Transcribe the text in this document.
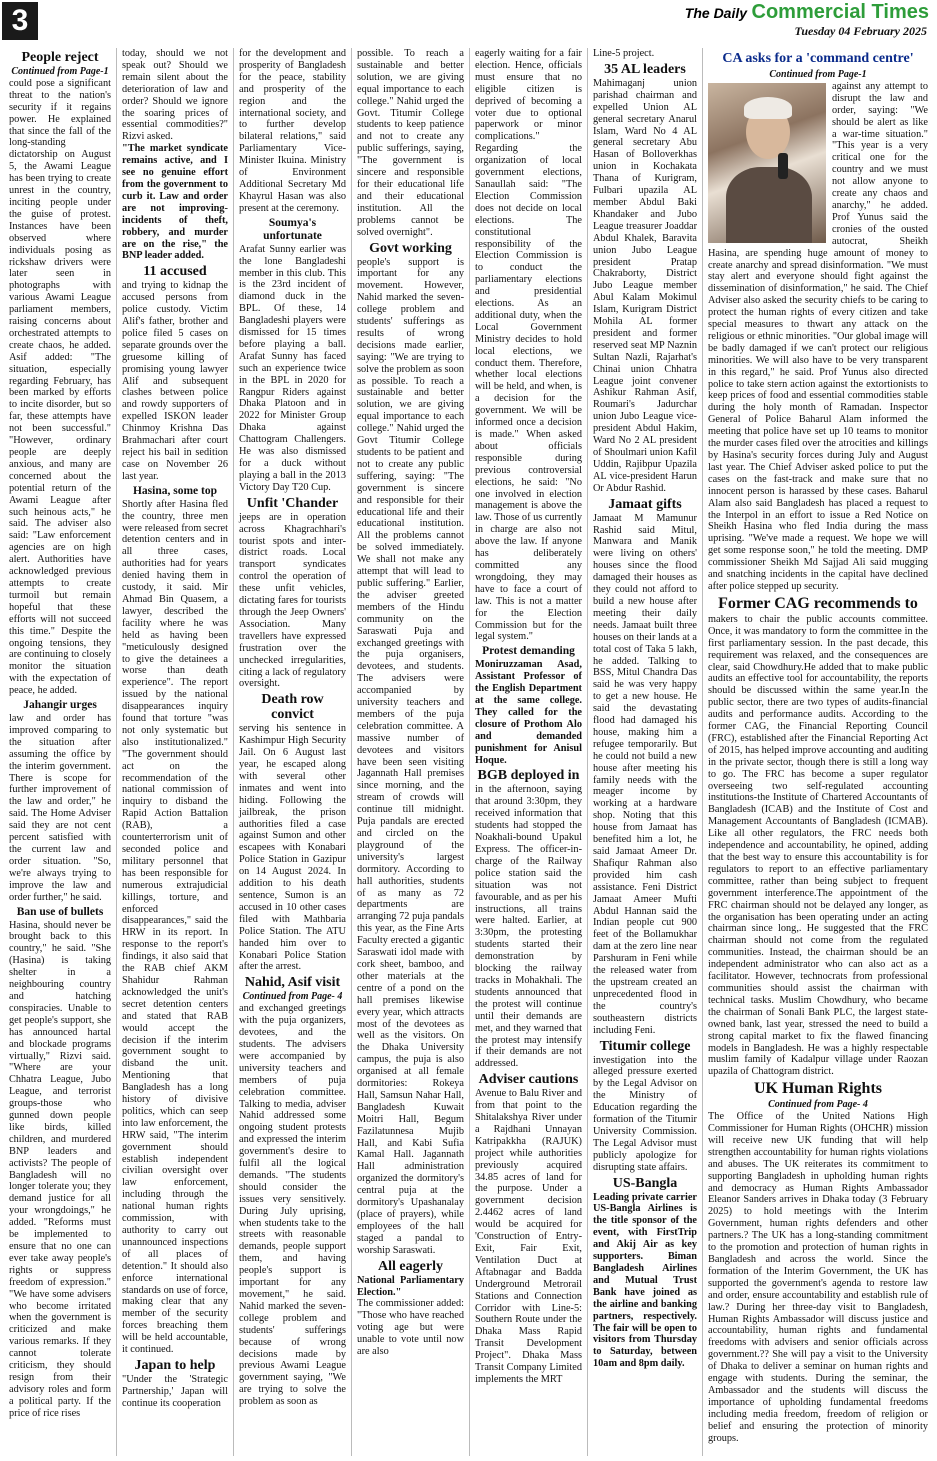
3	The Daily Commercial Times
Tuesday 04 February 2025
People reject

Continued from Page-1

could pose a significant threat to the nation's security if it regains power. He explained that since the fall of the long-standing dictatorship on August 5, the Awami League has been trying to create unrest in the country, inciting people under the guise of protest. Instances have been observed where individuals posing as rickshaw drivers were later seen in photographs with various Awami League parliament members, raising concerns about orchestrated attempts to create chaos, he added. Asif added: "The situation, especially regarding February, has been marked by efforts to incite disorder, but so far, these attempts have not been successful." "However, ordinary people are deeply anxious, and many are concerned about the potential return of the Awami League after such heinous acts," he said. The adviser also said: "Law enforcement agencies are on high alert. Authorities have acknowledged previous attempts to create turmoil but remain hopeful that these efforts will not succeed this time." Despite the ongoing tensions, they are continuing to closely monitor the situation with the expectation of peace, he added.

Jahangir urges

law and order has improved comparing to the situation after assuming the office by the interim government. There is scope for further improvement of the law and order," he said. The Home Adviser said they are not cent percent satisfied with the current law and order situation. "So, we're always trying to improve the law and order further," he said.

Ban use of bullets

Hasina, should never be brought back to this country," he said. "She (Hasina) is taking shelter in a neighbouring country and hatching conspiracies. Unable to get people's support, she has announced hartal and blockade programs virtually," Rizvi said. "Where are your Chhatra League, Jubo League, and terrorist groups-those who gunned down people like birds, killed children, and murdered BNP leaders and activists? The people of Bangladesh will no longer tolerate you; they demand justice for all your wrongdoings," he added. "Reforms must be implemented to ensure that no one can ever take away people's rights or suppress freedom of expression." "We have some advisers who become irritated when the government is criticized and make various remarks. If they cannot tolerate criticism, they should resign from their advisory roles and form a political party. If the price of rice rises

today, should we not speak out? Should we remain silent about the deterioration of law and order? Should we ignore the soaring prices of essential commodities?" Rizvi asked.

"The market syndicate remains active, and I see no genuine effort from the government to curb it. Law and order are not improving-incidents of theft, robbery, and murder are on the rise," the BNP leader added.

11 accused

and trying to kidnap the accused persons from police custody. Victim Alif's father, brother and police filed 5 cases on separate grounds over the gruesome killing of promising young lawyer Alif and subsequent clashes between police and rowdy supporters of expelled ISKON leader Chinmoy Krishna Das Brahmachari after court reject his bail in sedition case on November 26 last year.

Hasina, some top

Shortly after Hasina fled the country, three men were released from secret detention centers and in all three cases, authorities had for years denied having them in custody, it said. Mir Ahmad Bin Quasem, a lawyer, described the facility where he was held as having been "meticulously designed to give the detainees a worse than death experience". The report issued by the national disappearances inquiry found that torture "was not only systematic but also institutionalized." "The government should act on the recommendation of the national commission of inquiry to disband the Rapid Action Battalion (RAB), a counterterrorism unit of seconded police and military personnel that has been responsible for numerous extrajudicial killings, torture, and enforced disappearances," said the HRW in its report. In response to the report's findings, it also said that the RAB chief AKM Shahidur Rahman acknowledged the unit's secret detention centers and stated that RAB would accept the decision if the interim government sought to disband the unit. Mentioning that Bangladesh has a long history of divisive politics, which can seep into law enforcement, the HRW said, "The interim government should establish independent civilian oversight over law enforcement, including through the national human rights commission, with authority to carry out unannounced inspections of all places of detention." It should also enforce international standards on use of force, making clear that any member of the security forces breaching them will be held accountable, it continued.

Japan to help

"Under the 'Strategic Partnership,' Japan will continue its cooperation

for the development and prosperity of Bangladesh for the peace, stability and prosperity of the region and the international society, and to further develop bilateral relations," said Parliamentary Vice-Minister Ikuina. Ministry of Environment Additional Secretary Md Khayrul Hasan was also present at the ceremony.

Soumya's unfortunate

Arafat Sunny earlier was the lone Bangladeshi member in this club. This is the 23rd incident of diamond duck in the BPL. Of these, 14 Bangladeshi players were dismissed for 15 times before playing a ball. Arafat Sunny has faced such an experience twice in the BPL in 2020 for Rangpur Riders against Dhaka Platoon and in 2022 for Minister Group Dhaka against Chattogram Challengers. He was also dismissed for a duck without playing a ball in the 2013 Victory Day T20 Cup.

Unfit 'Chander

jeeps are in operation across Khagrachhari's tourist spots and inter-district roads. Local transport syndicates control the operation of these unfit vehicles, dictating fares for tourists through the Jeep Owners' Association. Many travellers have expressed frustration over the unchecked irregularities, citing a lack of regulatory oversight.

Death row convict

serving his sentence in Kashimpur High Security Jail. On 6 August last year, he escaped along with several other inmates and went into hiding. Following the jailbreak, the prison authorities filed a case against Sumon and other escapees with Konabari Police Station in Gazipur on 14 August 2024. In addition to his death sentence, Sumon is an accused in 10 other cases filed with Mathbaria Police Station. The ATU handed him over to Konabari Police Station after the arrest.

Nahid, Asif visit

Continued from Page- 4

and exchanged greetings with the puja organizers, devotees, and the students. The advisers were accompanied by university teachers and members of puja celebration committee. Talking to media, adviser Nahid addressed some ongoing student protests and expressed the interim government's desire to fulfil all the logical demands. "The students should consider the issues very sensitively. During July uprising, when students take to the streets with reasonable demands, people support them, and having people's support is important for any movement," he said. Nahid marked the seven-college problem and students' sufferings because of wrong decisions made by previous Awami League government saying, "We are trying to solve the problem as soon as

possible. To reach a sustainable and better solution, we are giving equal importance to each college." Nahid urged the Govt. Titumir College students to keep patience and not to create any public sufferings, saying, "The government is sincere and responsible for their educational life and their educational institution. All the problems cannot be solved overnight".

Govt working

people's support is important for any movement. However, Nahid marked the seven-college problem and students' sufferings as results of wrong decisions made earlier, saying: "We are trying to solve the problem as soon as possible. To reach a sustainable and better solution, we are giving equal importance to each college." Nahid urged the Govt Titumir College students to be patient and not to create any public suffering, saying: "The government is sincere and responsible for their educational life and their educational institution. All the problems cannot be solved immediately. We shall not make any attempt that will lead to public suffering." Earlier, the adviser greeted members of the Hindu community on the Saraswati Puja and exchanged greetings with the puja organisers, devotees, and students. The advisers were accompanied by university teachers and members of the puja celebration committee. A massive number of devotees and visitors have been seen visiting Jagannath Hall premises since morning, and the stream of crowds will continue till midnight. Puja pandals are erected and circled on the playground of the university's largest dormitory. According to hall authorities, students of as many as 72 departments are arranging 72 puja pandals this year, as the Fine Arts Faculty erected a gigantic Saraswati idol made with cork sheet, bamboo, and other materials at the centre of a pond on the hall premises likewise every year, which attracts most of the devotees as well as the visitors. On the Dhaka University campus, the puja is also organised at all female dormitories: Rokeya Hall, Samsun Nahar Hall, Bangladesh Kuwait Moitri Hall, Begum Fazilatunnesa Mujib Hall, and Kabi Sufia Kamal Hall. Jagannath Hall administration organized the dormitory's central puja at the dormitory's Upashanalay (place of prayers), while employees of the hall staged a pandal to worship Saraswati.

All eagerly

National Parliamentary Election."

The commissioner added: "Those who have reached voting age but were unable to vote until now are also

eagerly waiting for a fair election. Hence, officials must ensure that no eligible citizen is deprived of becoming a voter due to optional paperwork or minor complications." Regarding the organization of local government elections, Sanaullah said: "The Election Commission does not decide on local elections. The constitutional responsibility of the Election Commission is to conduct the parliamentary elections and presidential elections. As an additional duty, when the Local Government Ministry decides to hold local elections, we conduct them. Therefore, whether local elections will be held, and when, is a decision for the government. We will be informed once a decision is made." When asked about officials responsible during previous controversial elections, he said: "No one involved in election management is above the law. Those of us currently in charge are also not above the law. If anyone has deliberately committed any wrongdoing, they may have to face a court of law. This is not a matter for the Election Commission but for the legal system."

Protest demanding

Moniruzzaman Asad, Assistant Professor of the English Department at the same college. They called for the closure of Prothom Alo and demanded punishment for Anisul Hoque.

BGB deployed in

in the afternoon, saying that around 3:30pm, they received information that students had stopped the Noakhali-bound Upakul Express. The officer-in-charge of the Railway police station said the situation was not favourable, and as per his instructions, all trains were halted. Earlier, at 3:30pm, the protesting students started their demonstration by blocking the railway tracks in Mohakhali. The students announced that the protest will continue until their demands are met, and they warned that the protest may intensify if their demands are not addressed.

Adviser cautions

Avenue to Balu River and from that point to the Shitalakshya River under a Rajdhani Unnayan Katripakkha (RAJUK) project while authorities previously acquired 34.85 acres of land for the purpose. Under a government decision 2.4462 acres of land would be acquired for 'Construction of Entry-Exit, Fair Exit, Ventilation Duct at Aftabnagar and Badda Underground Metrorail Stations and Connection Corridor with Line-5: Southern Route under the Dhaka Mass Rapid Transit Development Project". Dhaka Mass Transit Company Limited implements the MRT

Line-5 project.

35 AL leaders

Mahimaganj union parishad chairman and expelled Union AL general secretary Anarul Islam, Ward No 4 AL general secretary Abu Hasan of Bolloverkhas union in Kochakata Thana of Kurigram, Fulbari upazila AL member Abdul Baki Khandaker and Jubo League treasurer Joaddar Abdul Khalek, Baravita union Jubo League president Pratap Chakraborty, District Jubo League member Abul Kalam Mokimul Islam, Kurigram District Mohila AL former president and former reserved seat MP Naznin Sultan Nazli, Rajarhat's Chinai union Chhatra League joint convener Ashikur Rahman Asif, Roumari's Jadurchar union Jubo League vice-president Abdul Hakim, Ward No 2 AL president of Shoulmari union Kafil Uddin, Rajibpur Upazila AL vice-president Harun Or Abdur Rashid.

Jamaat gifts

Jamaat M Mamunur Rashid said Mitul, Manwara and Manik were living on others' houses since the flood damaged their houses as they could not afford to build a new house after meeting their daily needs. Jamaat built three houses on their lands at a total cost of Taka 5 lakh, he added. Talking to BSS, Mitul Chandra Das said he was very happy to get a new house. He said the devastating flood had damaged his house, making him a refugee temporarily. But he could not build a new house after meeting his family needs with the meager income by working at a hardware shop. Noting that this house from Jamaat has benefited him a lot, he said Jamaat Ameer Dr. Shafiqur Rahman also provided him cash assistance. Feni District Jamaat Ameer Mufti Abdul Hannan said the Indian people cut 900 feet of the Bollamukhar dam at the zero line near Parshuram in Feni while the released water from the upstream created an unprecedented flood in the country's southeastern districts including Feni.

Titumir college

investigation into the alleged pressure exerted by the Legal Advisor on the Ministry of Education regarding the formation of the Titumir University Commission. The Legal Advisor must publicly apologize for disrupting state affairs.

US-Bangla

Leading private carrier US-Bangla Airlines is the title sponsor of the event, with FirstTrip and Akij Air as key supporters. Biman Bangladesh Airlines and Mutual Trust Bank have joined as the airline and banking partners, respectively. The fair will be open to visitors from Thursday to Saturday, between 10am and 8pm daily.

CA asks for a 'command centre'

Continued from Page-1

against any attempt to disrupt the law and order, saying: "We should be alert as like a war-time situation." "This year is a very critical one for the country and we must not allow anyone to create any chaos and anarchy," he added. Prof Yunus said the cronies of the ousted autocrat, Sheikh Hasina, are spending huge amount of money to create anarchy and spread disinformation. "We must stay alert and everyone should fight against the dissemination of disinformation," he said. The Chief Adviser also asked the security chiefs to be caring to protect the human rights of every citizen and take special measures to thwart any attack on the religious or ethnic minorities. "Our global image will be badly damaged if we can't protect our religious minorities. We will also have to be very transparent in this regard," he said. Prof Yunus also directed police to take stern action against the extortionists to keep prices of food and essential commodities stable during the holy month of Ramadan. Inspector General of Police Baharul Alam informed the meeting that police have set up 10 teams to monitor the murder cases filed over the atrocities and killings by Hasina's security forces during July and August last year. The Chief Adviser asked police to put the cases on the fast-track and make sure that no innocent person is harassed by these cases. Baharul Alam also said Bangladesh has placed a request to the Interpol in an effort to issue a Red Notice on Sheikh Hasina who fled India during the mass uprising. "We've made a request. We hope we will get some response soon," he told the meeting. DMP commissioner Sheikh Md Sajjad Ali said mugging and snatching incidents in the capital have declined after police stepped up security.

Former CAG recommends to

makers to chair the public accounts committee. Once, it was mandatory to form the committee in the first parliamentary session. In the past decade, this requirement was relaxed, and the consequences are clear, said Chowdhury.He added that to make public audits an effective tool for accountability, the reports should be discussed within the same year.In the public sector, there are two types of audits-financial audits and performance audits. According to the former CAG, the Financial Reporting Council (FRC), established after the Financial Reporting Act of 2015, has helped improve accounting and auditing in the private sector, though there is still a long way to go. The FRC has become a super regulator overseeing two self-regulated accounting institutions-the Institute of Chartered Accountants of Bangladesh (ICAB) and the Institute of Cost and Management Accountants of Bangladesh (ICMAB). Like all other regulators, the FRC needs both independence and accountability, he opined, adding that the best way to ensure this accountability is for regulators to report to an effective parliamentary committee, rather than being subject to frequent government interference.The appointment of the FRC chairman should not be delayed any longer, as the organisation has been operating under an acting chairman since long,. He suggested that the FRC chairman should not come from the regulated communities. Instead, the chairman should be an independent administrator who can also act as a facilitator. However, technocrats from professional communities should assist the chairman with technical tasks. Muslim Chowdhury, who became the chairman of Sonali Bank PLC, the largest state-owned bank, last year, stressed the need to build a strong capital market to fix the flawed financing models in Bangladesh. He was a highly respectable muslim family of Kadalpur village under Raozan upazila of Chattogram district.

UK Human Rights

Continued from Page- 4

The Office of the United Nations High Commissioner for Human Rights (OHCHR) mission will receive new UK funding that will help strengthen accountability for human rights violations and abuses. The UK reiterates its commitment to supporting Bangladesh in upholding human rights and democracy as Human Rights Ambassador Eleanor Sanders arrives in Dhaka today (3 February 2025) to hold meetings with the Interim Government, human rights defenders and other partners.? The UK has a long-standing commitment to the promotion and protection of human rights in Bangladesh and across the world. Since the formation of the Interim Government, the UK has supported the government's agenda to restore law and order, ensure accountability and establish rule of law.? During her three-day visit to Bangladesh, Human Rights Ambassador will discuss justice and accountability, human rights and fundamental freedoms with advisers and senior officials across government.?? She will pay a visit to the University of Dhaka to deliver a seminar on human rights and engage with students. During the seminar, the Ambassador and the students will discuss the importance of upholding fundamental freedoms including media freedom, freedom of religion or belief and ensuring the protection of minority groups.
